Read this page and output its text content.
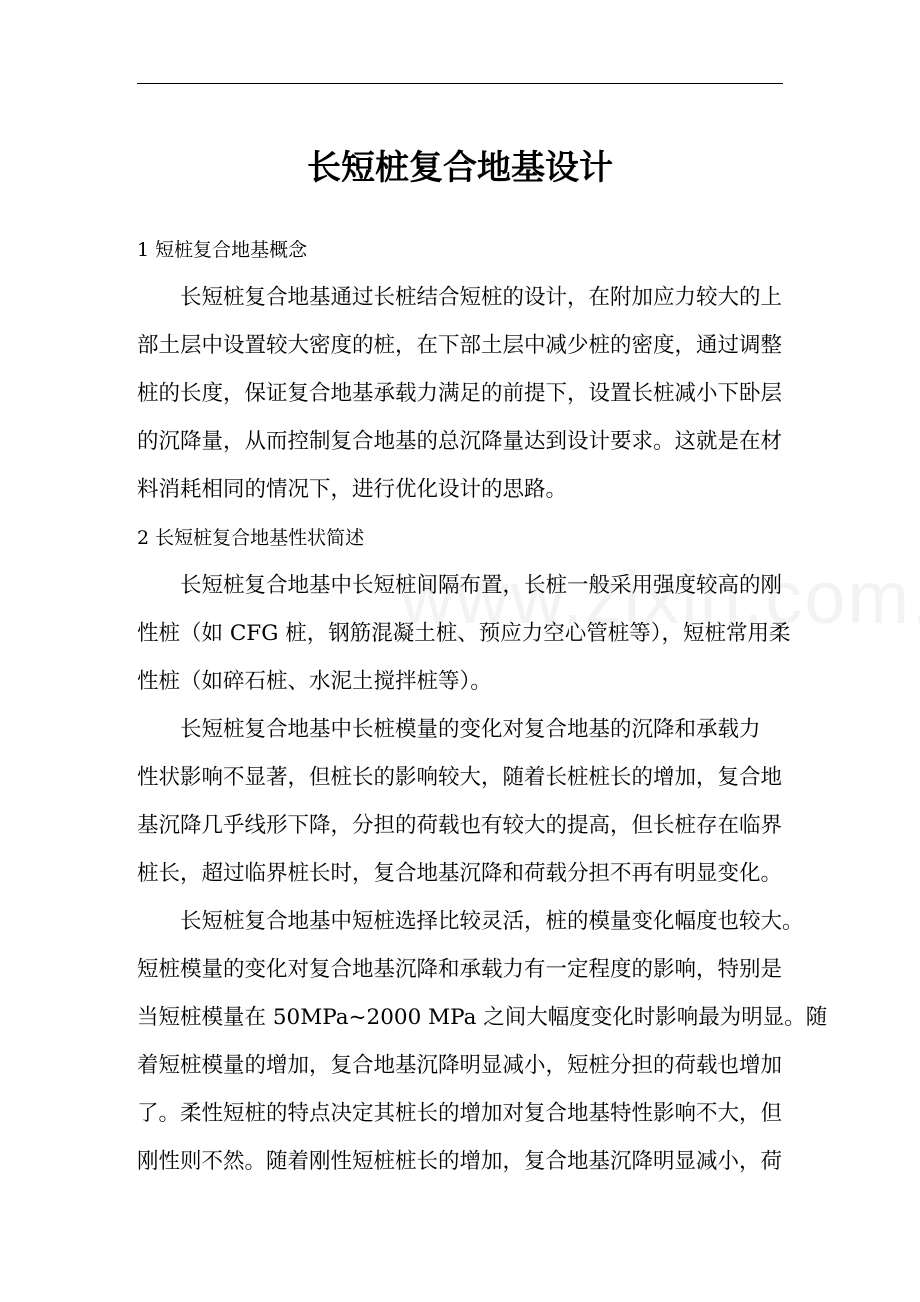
长短桩复合地基设计
1 短桩复合地基概念
长短桩复合地基通过长桩结合短桩的设计，在附加应力较大的上
部土层中设置较大密度的桩，在下部土层中减少桩的密度，通过调整
桩的长度，保证复合地基承载力满足的前提下，设置长桩减小下卧层
的沉降量，从而控制复合地基的总沉降量达到设计要求。这就是在材
料消耗相同的情况下，进行优化设计的思路。
2 长短桩复合地基性状简述
长短桩复合地基中长短桩间隔布置，长桩一般采用强度较高的刚
性桩（如 CFG 桩，钢筋混凝土桩、预应力空心管桩等），短桩常用柔
性桩（如碎石桩、水泥土搅拌桩等）。
长短桩复合地基中长桩模量的变化对复合地基的沉降和承载力
性状影响不显著，但桩长的影响较大，随着长桩桩长的增加，复合地
基沉降几乎线形下降，分担的荷载也有较大的提高，但长桩存在临界
桩长，超过临界桩长时，复合地基沉降和荷载分担不再有明显变化。
长短桩复合地基中短桩选择比较灵活，桩的模量变化幅度也较大。
短桩模量的变化对复合地基沉降和承载力有一定程度的影响，特别是
当短桩模量在 50MPa~2000 MPa 之间大幅度变化时影响最为明显。随
着短桩模量的增加，复合地基沉降明显减小，短桩分担的荷载也增加
了。柔性短桩的特点决定其桩长的增加对复合地基特性影响不大，但
刚性则不然。随着刚性短桩桩长的增加，复合地基沉降明显减小，荷
